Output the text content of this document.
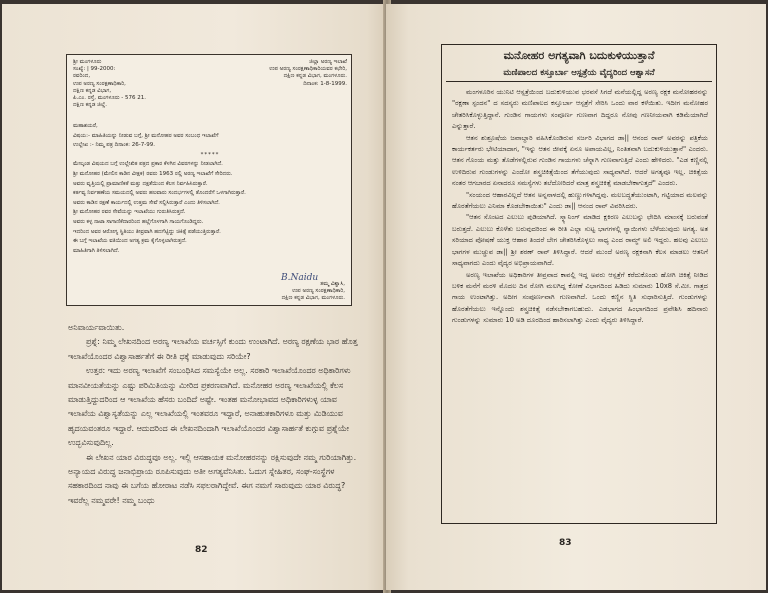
ಶ್ರೀ ಮಂಗಳೂರು	ಜಿಲ್ಲಾ ಅರಣ್ಯ ಇಲಾಖೆ
ಸಂಖ್ಯೆ: | 99-2000:	ಉಪ ಅರಣ್ಯ ಸಂರಕ್ಷಣಾಧಿಕಾರಿಯವರ ಕಛೇರಿ,
ರವರಿಂದ,	ದಕ್ಷಿಣ ಕನ್ನಡ ವಿಭಾಗ, ಮಂಗಳೂರು.
ಉಪ ಅರಣ್ಯ ಸಂರಕ್ಷಣಾಧಿಕಾರಿ,	ದಿನಾಂಕ: 1-8-1999.
ದಕ್ಷಿಣ ಕನ್ನಡ ವಿಭಾಗ,
ಪಿ.ಎಂ. ರಸ್ತೆ, ಮಂಗಳೂರು - 576 21.
ದಕ್ಷಿಣ ಕನ್ನಡ ಜಿಲ್ಲೆ.

ಮಹಾಶಯರೆ,

ವಿಷಯ:- ಮಾಹಿತಿಯನ್ನು ನೀಡುವ ಬಗ್ಗೆ, ಶ್ರೀ ಮನೋಹರ ಅವರ ಸಂಬಂಧ ಇಲಾಖೆಗೆ

ಉಲ್ಲೇಖ :- ನಿಮ್ಮ ಪತ್ರ ದಿನಾಂಕ: 26-7-99.

*****

ಮೇಲ್ಕಂಡ ವಿಷಯದ ಬಗ್ಗೆ ಉಲ್ಲೇಖಿತ ಪತ್ರದ ಪ್ರಕಾರ ಕೆಳಗಿನ ವಿವರಗಳನ್ನು ನೀಡಲಾಗಿದೆ.

ಶ್ರೀ ಮನೋಹರ (ಮೇಲಿನ ಕಾಡಿನ ವೀಕ್ಷಕ) ರವರು 1963 ರಲ್ಲಿ ಅರಣ್ಯ ಇಲಾಖೆಗೆ ಸೇರಿದರು.

ಅವರು ವೃತ್ತಿಯಲ್ಲಿ ಪ್ರಾಮಾಣಿಕತೆ ಮತ್ತು ದಕ್ಷತೆಯಿಂದ ಕೆಲಸ ನಿರ್ವಹಿಸಿರುತ್ತಾರೆ.

ಕರ್ತವ್ಯ ನಿರ್ವಹಣೆಯ ಸಮಯದಲ್ಲಿ ಅವರು ಹಲವಾರು ಸಂದರ್ಭಗಳಲ್ಲಿ ತೊಂದರೆಗೆ ಒಳಗಾಗಿರುತ್ತಾರೆ.

ಅವರು ಕಾಡಿನ ರಕ್ಷಣೆ ಕಾರ್ಯದಲ್ಲಿ ಉತ್ತಮ ಸೇವೆ ಸಲ್ಲಿಸಿರುತ್ತಾರೆ ಎಂದು ತಿಳಿಸಲಾಗಿದೆ.

ಶ್ರೀ ಮನೋಹರ ರವರ ಸೇವೆಯನ್ನು ಇಲಾಖೆಯು ಗುರುತಿಸಿರುತ್ತದೆ.

ಅವರು ಕಳ್ಳ ನಾಟಾ ಸಾಗಾಣಿಕೆದಾರರಿಂದ ಹಲ್ಲೆಗೊಳಗಾಗಿ ಗಾಯಗೊಂಡಿದ್ದರು.

ಇದರಿಂದ ಅವರ ಆರೋಗ್ಯ ಸ್ಥಿತಿಯು ತೀವ್ರವಾಗಿ ಹದಗೆಟ್ಟಿದ್ದು ಚಿಕಿತ್ಸೆ ಪಡೆಯುತ್ತಿರುತ್ತಾರೆ.

ಈ ಬಗ್ಗೆ ಇಲಾಖೆಯ ವತಿಯಿಂದ ಅಗತ್ಯ ಕ್ರಮ ಕೈಗೊಳ್ಳಲಾಗಿರುತ್ತದೆ.

ಮಾಹಿತಿಗಾಗಿ ತಿಳಿಸಲಾಗಿದೆ.

B.Naidu
ತಮ್ಮ ವಿಶ್ವಾಸಿ,
ಉಪ ಅರಣ್ಯ ಸಂರಕ್ಷಣಾಧಿಕಾರಿ,
ದಕ್ಷಿಣ ಕನ್ನಡ ವಿಭಾಗ, ಮಂಗಳೂರು.

ಅನಿವಾರ್ಯವಾಯಿತು.

ಪ್ರಶ್ನೆ: ನಿಮ್ಮ ಲೇಖನದಿಂದ ಅರಣ್ಯ ಇಲಾಖೆಯ ವರ್ಚಸ್ಸಿಗೆ ಕುಂದು ಉಂಟಾಗಿದೆ. ಅರಣ್ಯ ರಕ್ಷಣೆಯ ಭಾರ ಹೊತ್ತ ಇಲಾಖೆಯೊಂದರ ವಿಶ್ವಾಸಾರ್ಹತೆಗೆ ಈ ರೀತಿ ಧಕ್ಕೆ ಮಾಡುವುದು ಸರಿಯೇ?

ಉತ್ತರ: ಇದು ಅರಣ್ಯ ಇಲಾಖೆಗೆ ಸಂಬಂಧಿಸಿದ ಸಮಸ್ಯೆಯೇ ಅಲ್ಲ. ಸರಕಾರಿ ಇಲಾಖೆಯೊಂದರ ಅಧಿಕಾರಿಗಳು ಮಾನವೀಯತೆಯನ್ನು ಎಷ್ಟು ಪರಿಮಿತಿಯನ್ನು ಮೀರಿದ ಪ್ರಕರಣವಾಗಿದೆ. ಮನೋಹರ ಅರಣ್ಯ ಇಲಾಖೆಯಲ್ಲಿ ಕೆಲಸ ಮಾಡುತ್ತಿದ್ದುದರಿಂದ ಆ ಇಲಾಖೆಯ ಹೆಸರು ಬಂದಿದೆ ಅಷ್ಟೇ. ಇಂತಹ ಮನೋಭಾವದ ಅಧಿಕಾರಿಗಳುಳ್ಳ ಯಾವ ಇಲಾಖೆಯ ವಿಶ್ವಾಸ್ಯತೆಯನ್ನು ಎಲ್ಲ ಇಲಾಖೆಯಲ್ಲಿ ಇಂತವರೂ ಇದ್ದಾರೆ, ಅನಾಹುತಕಾರಿಗಳೂ ಮತ್ತು ಮಿಡಿಯುವ ಹೃದಯವಂತರೂ ಇದ್ದಾರೆ. ಆದುದರಿಂದ ಈ ಲೇಖನದಿಂದಾಗಿ ಇಲಾಖೆಯೊಂದರ ವಿಶ್ವಾಸಾರ್ಹತೆ ಕುಗ್ಗುವ ಪ್ರಶ್ನೆಯೇ ಉದ್ಭವಿಸುವುದಿಲ್ಲ.

ಈ ಲೇಖನ ಯಾರ ವಿರುದ್ಧವೂ ಅಲ್ಲ. ಇಲ್ಲಿ ಆಸಹಾಯಕ ಮನೋಹರನನ್ನು ರಕ್ಷಿಸುವುದೇ ನಮ್ಮ ಗುರಿಯಾಗಿತ್ತು. ಅನ್ಯಾಯದ ವಿರುದ್ಧ ಜನಾಭಿಪ್ರಾಯ ರೂಪಿಸುವುದು ಅತೀ ಅಗತ್ಯವೆನಿಸಿತು. ಓದುಗ ಸ್ನೇಹಿತರ, ಸಂಘ-ಸಂಸ್ಥೆಗಳ ಸಹಕಾರದಿಂದ ನಾವು ಈ ಬಗೆಯ ಹೋರಾಟ ನಡೆಸಿ ಸಫಲರಾಗಿದ್ದೇವೆ. ಈಗ ನಮಗೆ ಸಾರುವುದು ಯಾರ ವಿರುದ್ಧ? ಇವರೆಲ್ಲ ನಮ್ಮವರೇ! ನಮ್ಮ ಬಂಧು

82
ಮನೋಹರ ಅಗತ್ಯವಾಗಿ ಬದುಕುಳಿಯುತ್ತಾನೆ
ಮಣಿಪಾಲದ ಕಸ್ತೂರ್ಬಾ ಆಸ್ಪತ್ರೆಯ ವೈದ್ಯರಿಂದ ಆಶ್ವಾಸನೆ

ಮಂಗಳೂರಿನ ಯುನಿಟಿ ಆಸ್ಪತ್ರೆಯಿಂದ ಬದುಕುಳಿಯುವ ಭರವಸೆ ಸಿಗದೆ ಮನೆಯಲ್ಲಿದ್ದ ಅರಣ್ಯ ರಕ್ಷಕ ಮನೋಹರನನ್ನು "ರಕ್ಷಣಾ ಸ್ಪಂದನ" ದ ಸದಸ್ಯರು ಮಣಿಪಾಲದ ಕಸ್ತೂರ್ಬಾ ಆಸ್ಪತ್ರೆಗೆ ಸೇರಿಸಿ ಒಂದು ವಾರ ಕಳೆಯಿತು. ಇದೀಗ ಮನೋಹರ ಚೇತರಿಸಿಕೊಳ್ಳುತ್ತಿದ್ದಾನೆ. ಗುಂಡಿನ ಗಾಯಗಳು ಸಂಪೂರ್ಣ ಗುಣವಾಗ ದಿದ್ದರೂ ನೋವು ಗಣನೀಯವಾಗಿ ಕಡಿಮೆಯಾಗಿದೆ ಎನ್ನುತ್ತಾರೆ.

ಆತನ ಶುಶ್ರೂಷೆಯ ಜವಾಬ್ದಾರಿ ವಹಿಸಿಕೊಂಡಿರುವ ಸರ್ಜರಿ ವಿಭಾಗದ ಡಾ|| ಆನಂದ ರಾವ್ ಅವರನ್ನು ಪತ್ರಿಕೆಯ ಕಾರ್ಯಕರ್ತರು ಭೇಟಿಯಾದಾಗ, "ಇನ್ನು ಆತನ ಜೀವಕ್ಕೆ ಏನೂ ಅಪಾಯವಿಲ್ಲ, ನಿಂತಿತವಾಗಿ ಬದುಕುಳಿಯುತ್ತಾನೆ" ಎಂದರು. ಆತನ ಗೊಂಯ ಮತ್ತು ತೊಡೆಗಳಲ್ಲಿರುವ ಗುಂಡಿನ ಗಾಯಗಳು ಚೆನ್ನಾಗಿ ಗುಣವಾಗುತ್ತಿದೆ ಎಂದು ಹೇಳಿದರು. "ಎಡ ಕಣ್ಣಿನಲ್ಲಿ ಉಳಿದಿರುವ ಗುಂಡುಗಳನ್ನು ಎಂದೋ ಶಸ್ತ್ರಚಿಕಿತ್ಸೆಯಿಂದ ತೆಗೆಯುವುದು ಸಾಧ್ಯವಾಗಿದೆ. ಆದರೆ ಅಗತ್ಯವೂ ಇಲ್ಲ. ಚಿಕಿತ್ಸೆಯ ನಂತರ ಆಗಬಾರದ ಏನಾದರೂ ಸಮಸ್ಯೆಗಳು ತಲೆದೋರಿದರೆ ಮಾತ್ರ ಶಸ್ತ್ರಚಿಕಿತ್ಸೆ ಮಾಡಬೇಕಾಗುತ್ತದೆ" ಎಂದರು.

"ಸಂಯಂದ ಆಹಾರವಿಲ್ಲದೆ ಆತನ ಅನ್ನನಾಳದಲ್ಲಿ ಹುಣ್ಣುಗಳಾಗಿದ್ದವು. ಮಲಬದ್ಧತೆಯುಂಟಾಗಿ, ಗಟ್ಟಿಯಾದ ಮಲವನ್ನು ಹೊರತೆಗೆಯಲು ಎನಿಮಾ ಕೊಡಬೇಕಾಯಿತು" ಎಂದು ಡಾ|| ಆನಂದ ರಾವ್ ವಿವರಿಸಿದರು.

"ಆತನ ಸೊಂಟದ ಎಲುಬು ಪುಡಿಯಾಗಿದೆ. ಸ್ಕ್ಯಾನಿಂಗ್ ಮಾಡಿದ ಕ್ಷಕಿರಣ ಎಲುಬನ್ನು ಛೇದಿಸಿ ಮಾಂಸಕ್ಕೆ ಬರುವಂತೆ ಬರುತ್ತದೆ. ಎಲುಬು ಕೊಳೆತು ಬರುವುದರಿಂದ ಈ ರೀತಿ ಎಲ್ಲಾ ಸುಟ್ಟ ಭಾಗಗಳಲ್ಲಿ ನ್ಯಾಯಿಗಳು ಬೆಳೆಯುವುದು ಅಗತ್ಯ. ಅತ ಸರಿಯಾದ ಪೋಷಣೆ ಯುಕ್ತ ಆಹಾರ ತಿಂದರೆ ಬೇಗ ಚೇತರಿಸಿಕೊಳ್ಳಲು ಸಾಧ್ಯ ಎಂದ ರಾಮ್ಜ್ ಅಲಿ ಇದ್ದರು. ಹಲವು ಎಲುಬು ಭಾಗಗಳ ಮುಚ್ಚುವ ಡಾ|| ಶ್ರೀ ಶರಣ್ ರಾವ್ ತಿಳಿಸಿದ್ದಾರೆ. ಆದರೆ ಮುಂದೆ ಅರಣ್ಯ ರಕ್ಷಕನಾಗಿ ಕೆಲಸ ಮಾಡಲು ಆತನಿಗೆ ಸಾಧ್ಯವಾಗದು ಎಂದು ವೈದ್ಯರ ಅಭಿಪ್ರಾಯವಾಗಿದೆ.

ಅರಣ್ಯ ಇಲಾಖೆಯ ಅಧಿಕಾರಿಗಳ ತೀವ್ರವಾದ ಕಾವಲ್ಲಿ ಇದ್ದ ಅವರು ಆಸ್ಪತ್ರೆಗೆ ಕರೆದುಕೊಂಡು ಹೋಗಿ ಚಿಕಿತ್ಸೆ ನೀಡಿದ ಬಳಿಕ ಮನೆಗೆ ಮರಳಿ ಮೊದಲ ದಿನ ರೋಗಿ ಮಲಗಿದ್ದ ಕೋಣೆ ವಿಭಾಗದಿಂದ ಹಿಡಿದು ಸುಮಾರು 10x8 ಸೆ.ಮೀ. ಗಾತ್ರದ ಗಾಯ ಉಂಟಾಗಿತ್ತು. ಅದೀಗ ಸಂಪೂರ್ಣವಾಗಿ ಗುಣವಾಗಿದೆ. ಒಂದು ಕಣ್ಣಿನ ಸ್ಥಿತಿ ಸುಧಾರಿಸುತ್ತಿದೆ. ಗುಂಡುಗಳನ್ನು ಹೊರತೆಗೆಯಲು ಇನ್ನೊಂದು ಶಸ್ತ್ರಚಿಕಿತ್ಸೆ ನಡೆಸಬೇಕಾಗಬಹುದು. ಎಡಭಾಗದ ಹಿಂಭಾಗದಿಂದ ಪ್ರವೇಶಿಸಿ ಹದಿನಾರು ಗುಂಡುಗಳನ್ನು ಸುಮಾರು 10 ಅಡಿ ದೂರದಿಂದ ಹಾರಿಸಲಾಗಿತ್ತು ಎಂದು ವೈದ್ಯರು ತಿಳಿಸಿದ್ದಾರೆ.

83
